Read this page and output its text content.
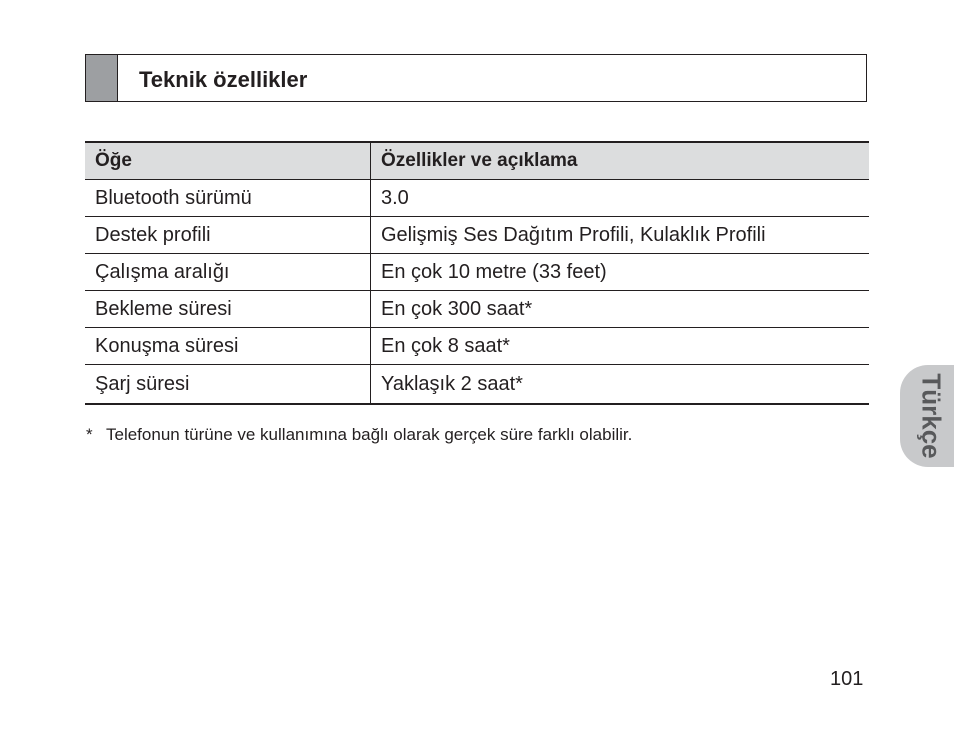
Teknik özellikler
Öğe	Özellikler ve açıklama
Bluetooth sürümü	3.0
Destek profili	Gelişmiş Ses Dağıtım Profili, Kulaklık Profili
Çalışma aralığı	En çok 10 metre (33 feet)
Bekleme süresi	En çok 300 saat*
Konuşma süresi	En çok 8 saat*
Şarj süresi	Yaklaşık 2 saat*
* Telefonun türüne ve kullanımına bağlı olarak gerçek süre farklı olabilir.	Türkçe
101
